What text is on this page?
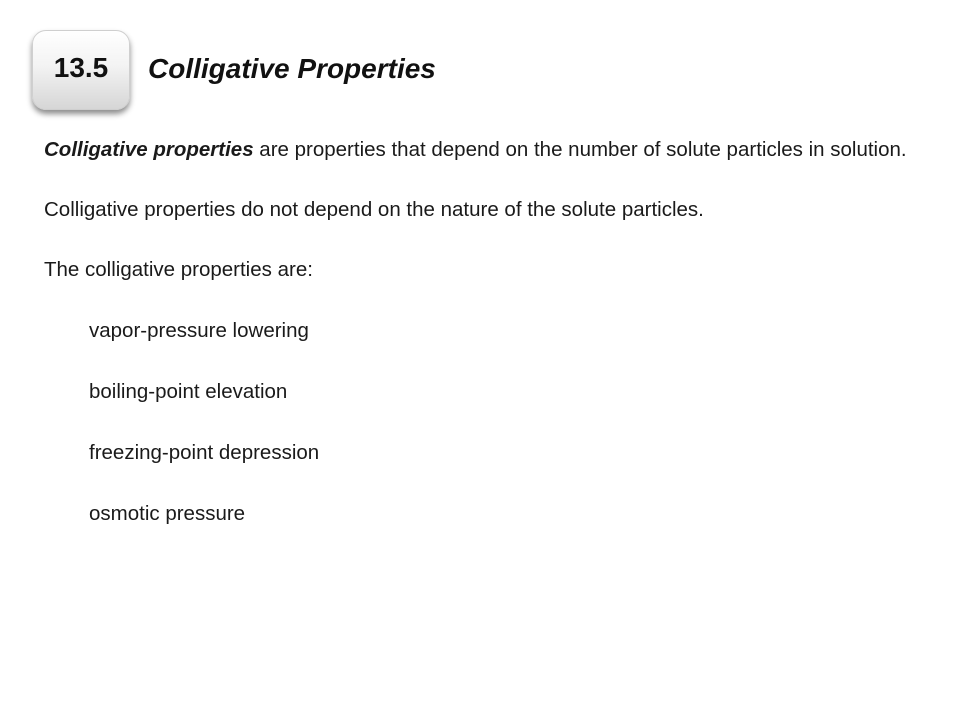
13.5 Colligative Properties

Colligative properties are properties that depend on the number of solute particles in solution.

Colligative properties do not depend on the nature of the solute particles.

The colligative properties are:

vapor-pressure lowering
boiling-point elevation
freezing-point depression
osmotic pressure
